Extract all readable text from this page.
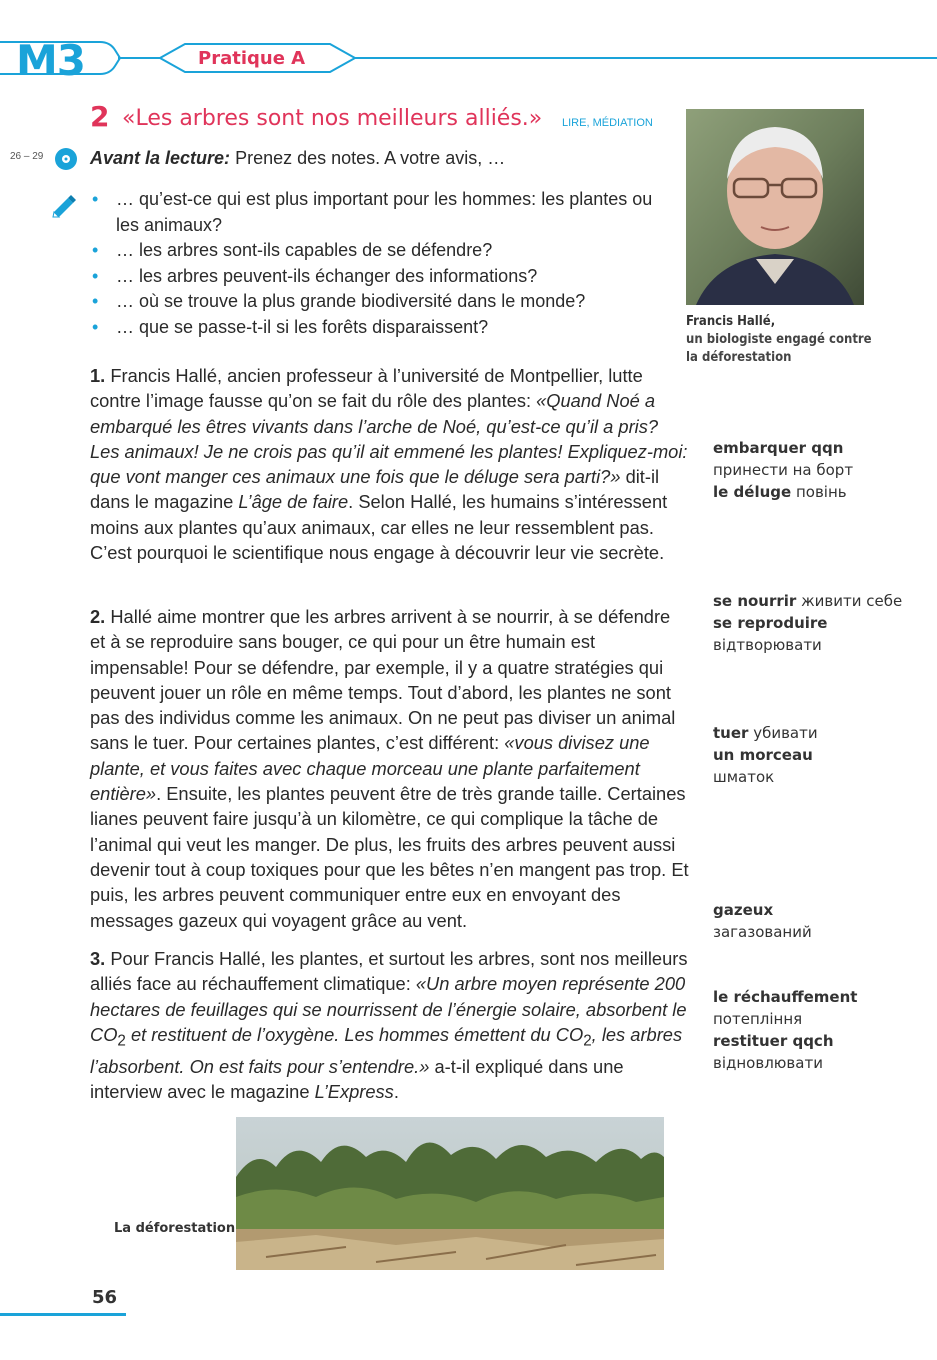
M3	Pratique A
2 «Les arbres sont nos meilleurs alliés.» LIRE, MÉDIATION
26 – 29	Avant la lecture: Prenez des notes. A votre avis, …
• … qu’est-ce qui est plus important pour les hommes: les plantes ou les animaux?
• … les arbres sont-ils capables de se défendre?
• … les arbres peuvent-ils échanger des informations?
• … où se trouve la plus grande biodiversité dans le monde?
• … que se passe-t-il si les forêts disparaissent?	Francis Hallé,
un biologiste engagé contre la déforestation
1. Francis Hallé, ancien professeur à l’université de Montpellier, lutte contre l’image fausse qu’on se fait du rôle des plantes: «Quand Noé a embarqué les êtres vivants dans l’arche de Noé, qu’est-ce qu’il a pris? Les animaux! Je ne crois pas qu’il ait emmené les plantes! Expliquez-moi: que vont manger ces animaux une fois que le déluge sera parti?» dit-il dans le magazine L’âge de faire. Selon Hallé, les humains s’intéressent moins aux plantes qu’aux animaux, car elles ne leur ressemblent pas. C’est pourquoi le scientifique nous engage à découvrir leur vie secrète.
2. Hallé aime montrer que les arbres arrivent à se nourrir, à se défendre et à se reproduire sans bouger, ce qui pour un être humain est impensable! Pour se défendre, par exemple, il y a quatre stratégies qui peuvent jouer un rôle en même temps. Tout d’abord, les plantes ne sont pas des individus comme les animaux. On ne peut pas diviser un animal sans le tuer. Pour certaines plantes, c’est différent: «vous divisez une plante, et vous faites avec chaque morceau une plante parfaitement entière». Ensuite, les plantes peuvent être de très grande taille. Certaines lianes peuvent faire jusqu’à un kilomètre, ce qui complique la tâche de l’animal qui veut les manger. De plus, les fruits des arbres peuvent aussi devenir tout à coup toxiques pour que les bêtes n’en mangent pas trop. Et puis, les arbres peuvent communiquer entre eux en envoyant des messages gazeux qui voyagent grâce au vent.
3. Pour Francis Hallé, les plantes, et surtout les arbres, sont nos meilleurs alliés face au réchauffement climatique: «Un arbre moyen représente 200 hectares de feuillages qui se nourrissent de l’énergie solaire, absorbent le $CO_2$ et restituent de l’oxygène. Les hommes émettent du $CO_2$, les arbres l’absorbent. On est faits pour s’entendre.» a-t-il expliqué dans une interview avec le magazine L’Express.
embarquer qqn
принести на борт
le déluge повінь
se nourrir живити себе
se reproduire
відтворювати
tuer убивати
un morceau
шматок
gazeux
загазований
le réchauffement
потепління
restituer qqch
відновлювати
La déforestation
56
